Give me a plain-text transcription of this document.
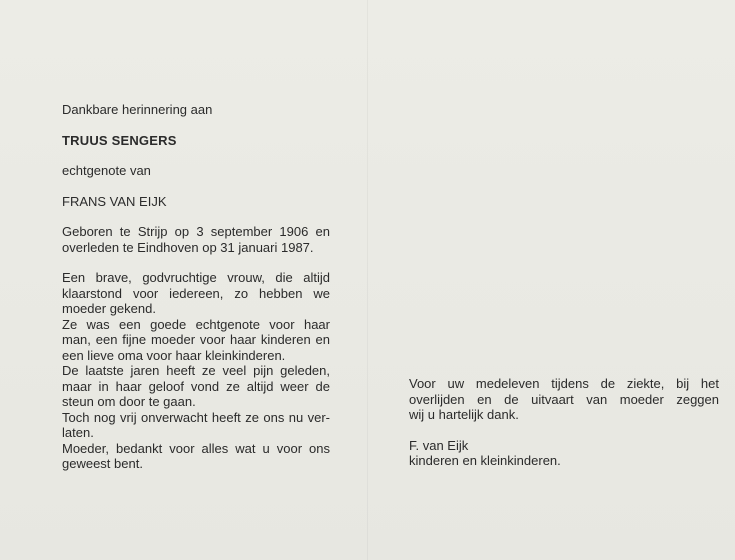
Dankbare herinnering aan
TRUUS SENGERS
echtgenote van
FRANS VAN EIJK
Geboren te Strijp op 3 september 1906 en
overleden te Eindhoven op 31 januari 1987.
Een brave, godvruchtige vrouw, die altijd
klaarstond voor iedereen, zo hebben we
moeder gekend.
Ze was een goede echtgenote voor haar
man, een fijne moeder voor haar kinderen en
een lieve oma voor haar kleinkinderen.
De laatste jaren heeft ze veel pijn geleden,
maar in haar geloof vond ze altijd weer de
steun om door te gaan.
Toch nog vrij onverwacht heeft ze ons nu ver-
laten.
Moeder, bedankt voor alles wat u voor ons
geweest bent.
Voor uw medeleven tijdens de ziekte, bij het
overlijden en de uitvaart van moeder zeggen
wij u hartelijk dank.
F. van Eijk
kinderen en kleinkinderen.
